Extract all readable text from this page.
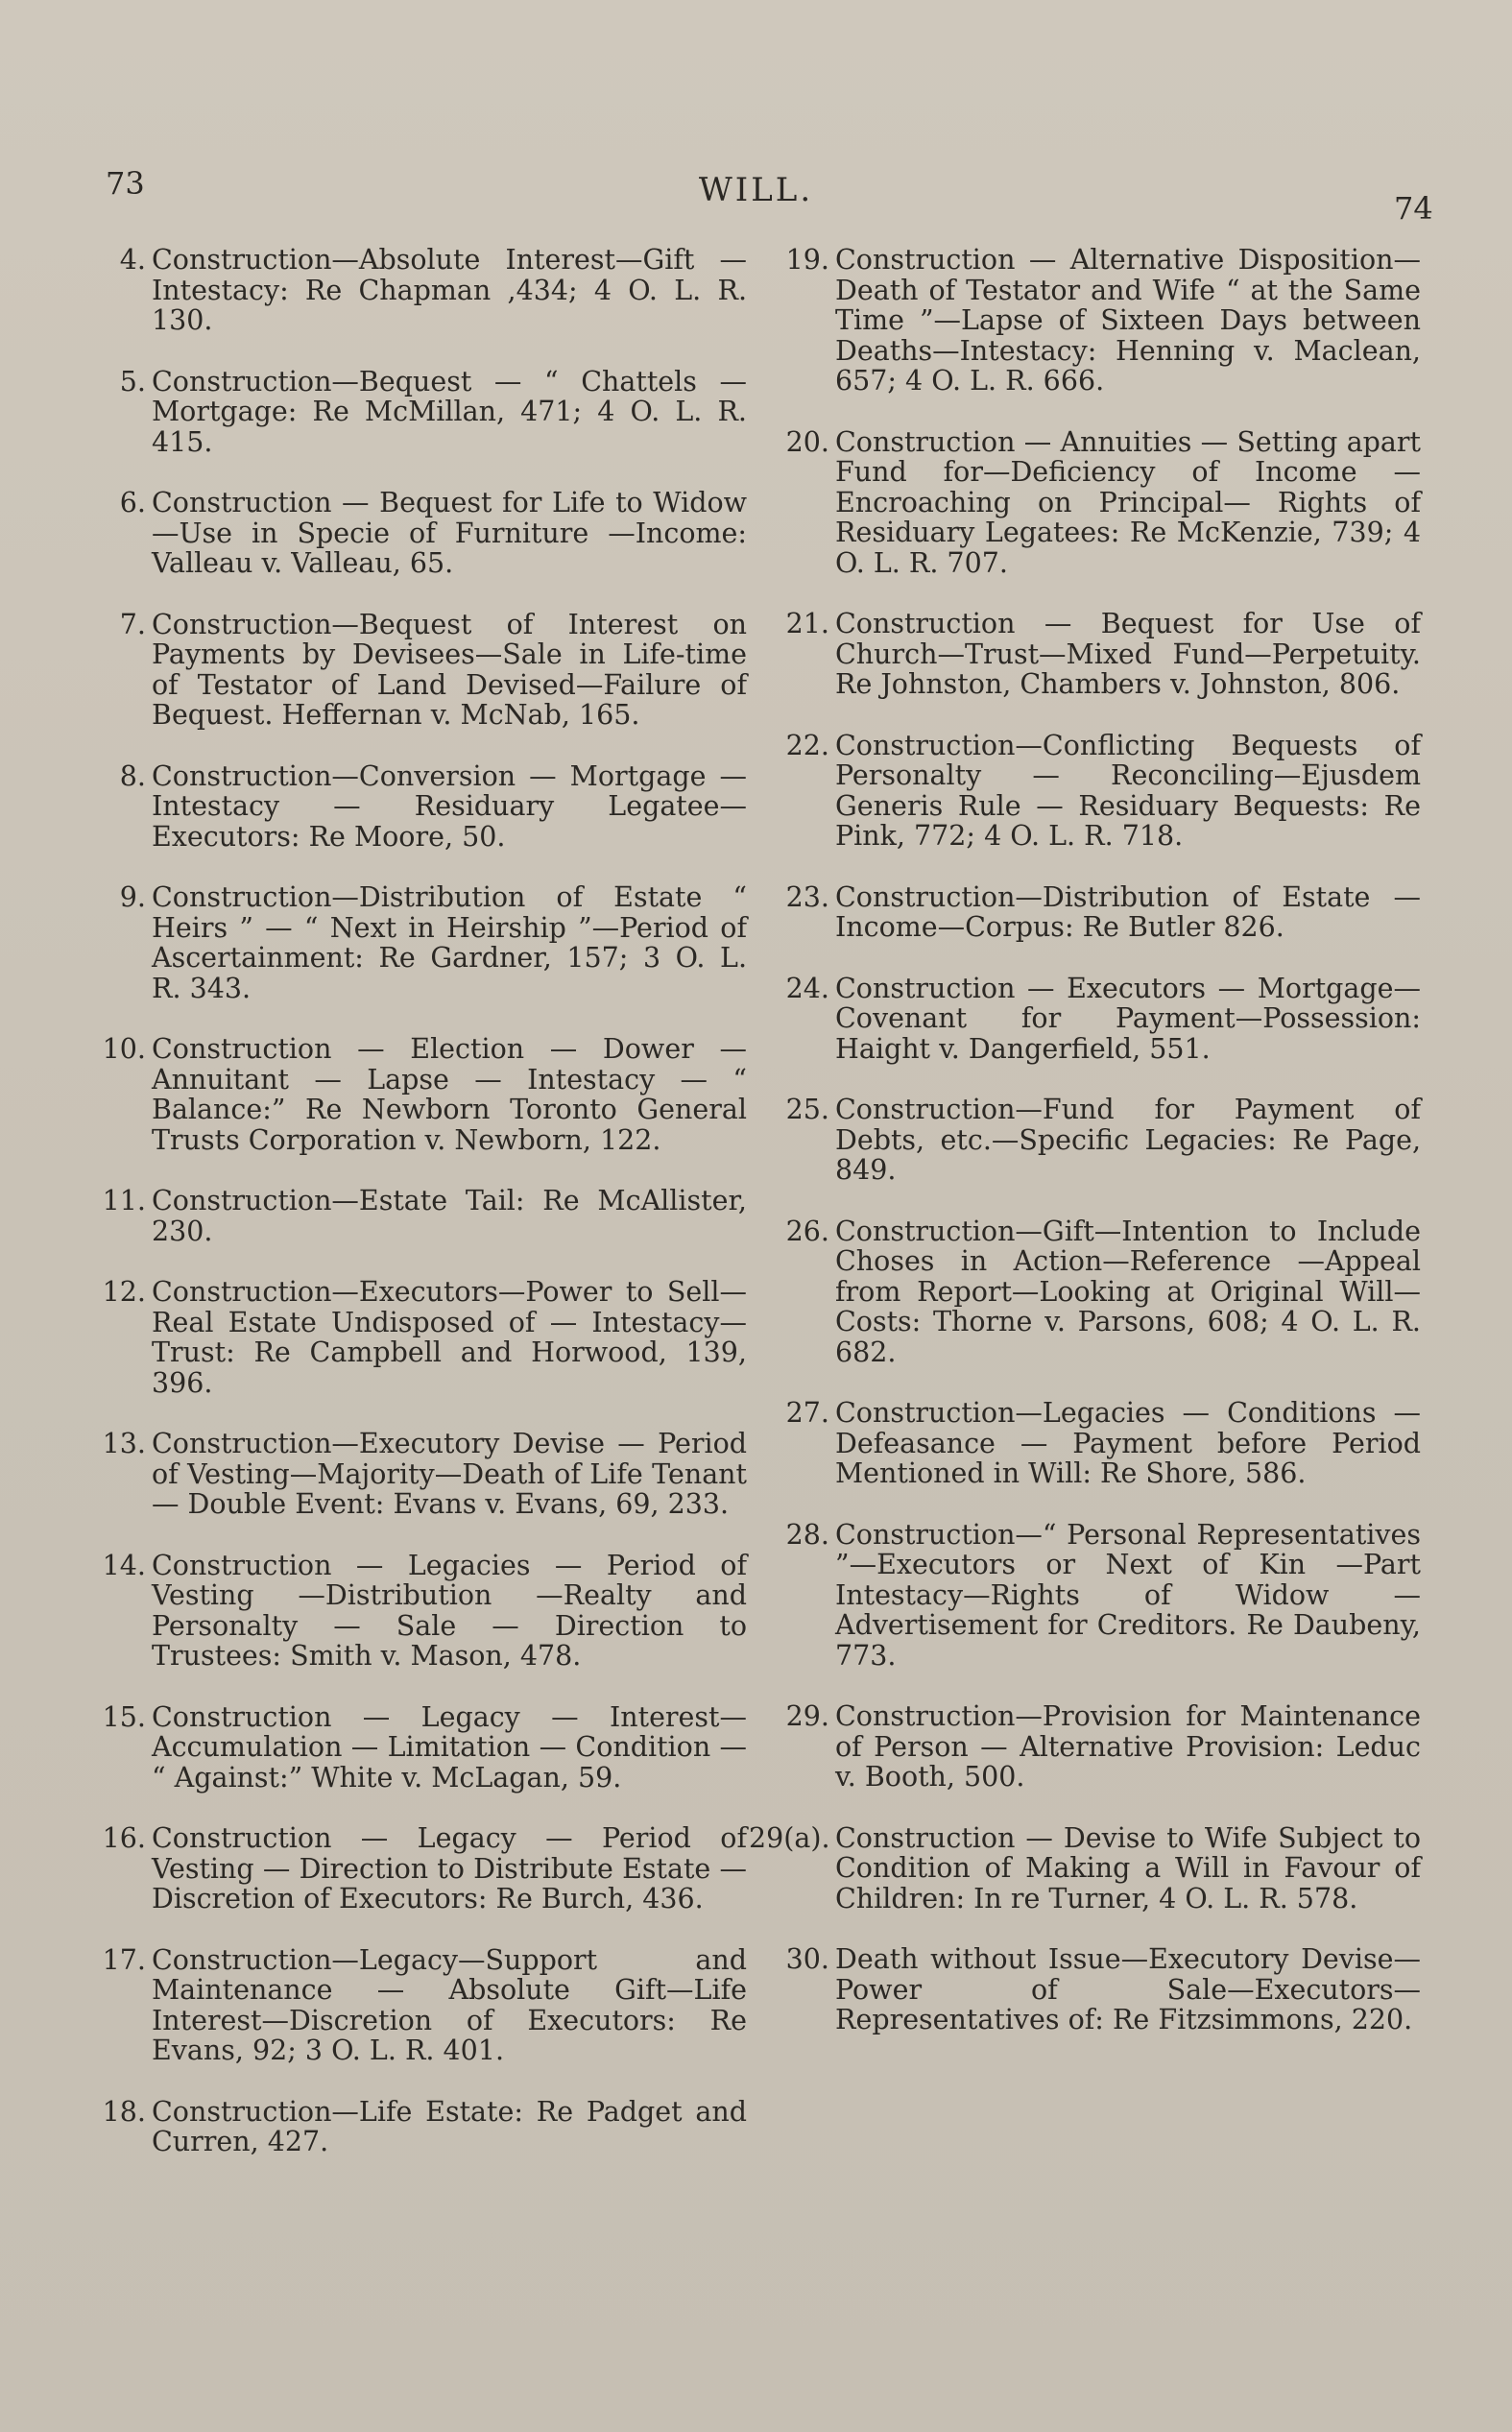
73	WILL.	74
4. Construction—Absolute Interest—Gift —Intestacy: Re Chapman ,434; 4 O. L. R. 130.
5. Construction—Bequest — “ Chattels —Mortgage: Re McMillan, 471; 4 O. L. R. 415.
6. Construction — Bequest for Life to Widow—Use in Specie of Furniture —Income: Valleau v. Valleau, 65.
7. Construction—Bequest of Interest on Payments by Devisees—Sale in Life-time of Testator of Land Devised—Failure of Bequest. Heffernan v. McNab, 165.
8. Construction—Conversion — Mortgage —Intestacy — Residuary Legatee—Executors: Re Moore, 50.
9. Construction—Distribution of Estate “ Heirs ” — “ Next in Heirship ”—Period of Ascertainment: Re Gardner, 157; 3 O. L. R. 343.
10. Construction — Election — Dower — Annuitant — Lapse — Intestacy — “ Balance:” Re Newborn Toronto General Trusts Corporation v. Newborn, 122.
11. Construction—Estate Tail: Re McAllister, 230.
12. Construction—Executors—Power to Sell—Real Estate Undisposed of — Intestacy—Trust: Re Campbell and Horwood, 139, 396.
13. Construction—Executory Devise — Period of Vesting—Majority—Death of Life Tenant — Double Event: Evans v. Evans, 69, 233.
14. Construction — Legacies — Period of Vesting —Distribution —Realty and Personalty — Sale — Direction to Trustees: Smith v. Mason, 478.
15. Construction — Legacy — Interest— Accumulation — Limitation — Condition — “ Against:” White v. McLagan, 59.
16. Construction — Legacy — Period of Vesting — Direction to Distribute Estate — Discretion of Executors: Re Burch, 436.
17. Construction—Legacy—Support and Maintenance — Absolute Gift—Life Interest—Discretion of Executors: Re Evans, 92; 3 O. L. R. 401.
18. Construction—Life Estate: Re Padget and Curren, 427.
19. Construction — Alternative Disposition—Death of Testator and Wife “ at the Same Time ”—Lapse of Sixteen Days between Deaths—Intestacy: Henning v. Maclean, 657; 4 O. L. R. 666.
20. Construction — Annuities — Setting apart Fund for—Deficiency of Income — Encroaching on Principal— Rights of Residuary Legatees: Re McKenzie, 739; 4 O. L. R. 707.
21. Construction — Bequest for Use of Church—Trust—Mixed Fund—Perpetuity. Re Johnston, Chambers v. Johnston, 806.
22. Construction—Conflicting Bequests of Personalty — Reconciling—Ejusdem Generis Rule — Residuary Bequests: Re Pink, 772; 4 O. L. R. 718.
23. Construction—Distribution of Estate —Income—Corpus: Re Butler 826.
24. Construction — Executors — Mortgage—Covenant for Payment—Possession: Haight v. Dangerfield, 551.
25. Construction—Fund for Payment of Debts, etc.—Specific Legacies: Re Page, 849.
26. Construction—Gift—Intention to Include Choses in Action—Reference —Appeal from Report—Looking at Original Will—Costs: Thorne v. Parsons, 608; 4 O. L. R. 682.
27. Construction—Legacies — Conditions — Defeasance — Payment before Period Mentioned in Will: Re Shore, 586.
28. Construction—“ Personal Representatives ”—Executors or Next of Kin —Part Intestacy—Rights of Widow —Advertisement for Creditors. Re Daubeny, 773.
29. Construction—Provision for Maintenance of Person — Alternative Provision: Leduc v. Booth, 500.
29(a). Construction — Devise to Wife Subject to Condition of Making a Will in Favour of Children: In re Turner, 4 O. L. R. 578.
30. Death without Issue—Executory Devise—Power of Sale—Executors—Representatives of: Re Fitzsimmons, 220.
